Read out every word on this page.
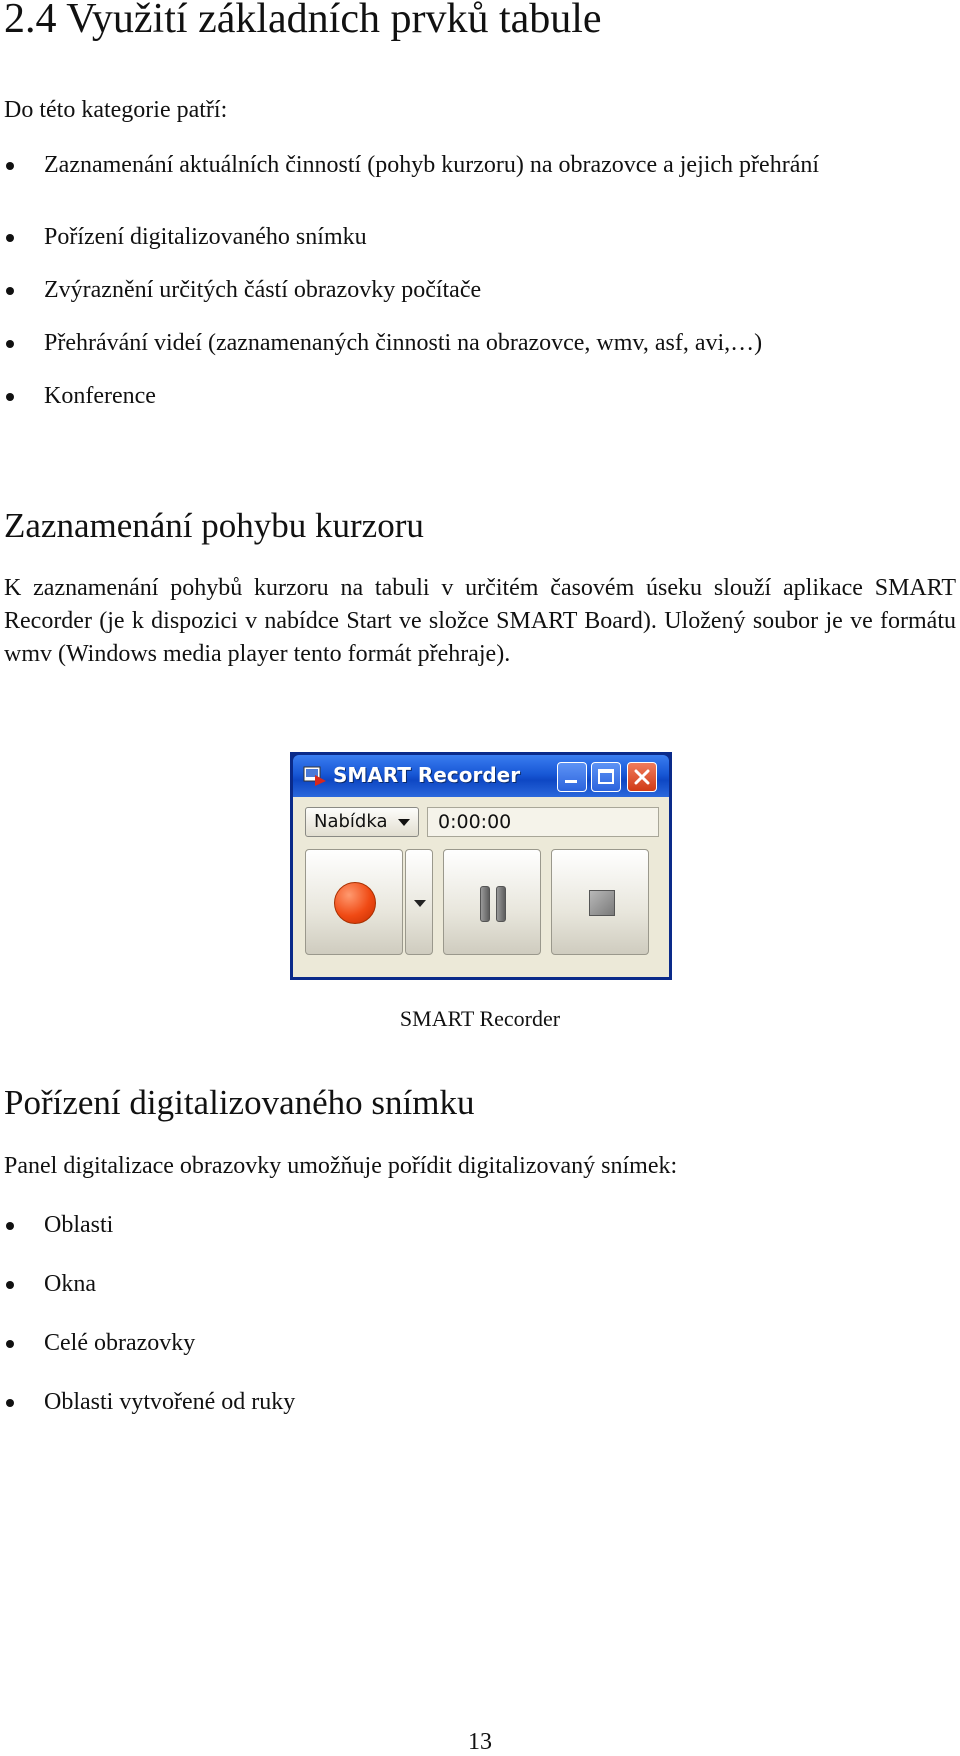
2.4 Využití základních prvků tabule

Do této kategorie patří:

Zaznamenání aktuálních činností (pohyb kurzoru) na obrazovce a jejich přehrání
Pořízení digitalizovaného snímku
Zvýraznění určitých částí obrazovky počítače
Přehrávání videí (zaznamenaných činnosti na obrazovce, wmv, asf, avi,…)
Konference
Zaznamenání pohybu kurzoru

K zaznamenání pohybů kurzoru na tabuli v určitém časovém úseku slouží aplikace SMART Recorder (je k dispozici v nabídce Start ve složce SMART Board). Uložený soubor je ve formátu wmv (Windows media player tento formát přehraje).

SMART Recorder
Nabídka	0:00:00

SMART Recorder

Pořízení digitalizovaného snímku

Panel digitalizace obrazovky umožňuje pořídit digitalizovaný snímek:

Oblasti
Okna
Celé obrazovky
Oblasti vytvořené od ruky

13
